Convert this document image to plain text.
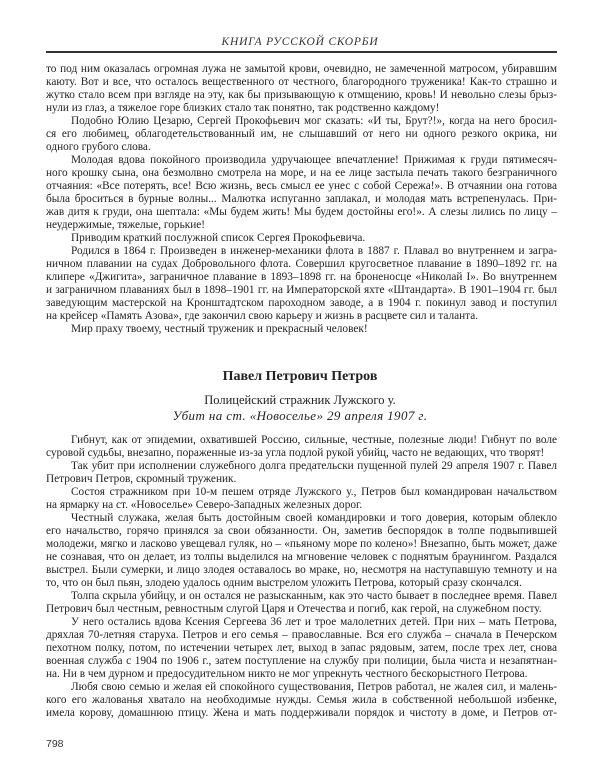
КНИГА РУССКОЙ СКОРБИ
то под ним оказалась огромная лужа не замытой крови, очевидно, не замеченной матросом, убиравшим
каюту. Вот и все, что осталось вещественного от честного, благородного труженика! Как-то страшно и
жутко стало всем при взгляде на эту, как бы призывающую к отмщению, кровь! И невольно слезы брыз-
нули из глаз, а тяжелое горе близких стало так понятно, так родственно каждому!
Подобно Юлию Цезарю, Сергей Прокофьевич мог сказать: «И ты, Брут?!», когда на него бросил-
ся его любимец, облагодетельствованный им, не слышавший от него ни одного резкого окрика, ни
одного грубого слова.
Молодая вдова покойного производила удручающее впечатление! Прижимая к груди пятимесяч-
ного крошку сына, она безмолвно смотрела на море, и на ее лице застыла печать такого безграничного
отчаяния: «Все потерять, все! Всю жизнь, весь смысл ее унес с собой Сережа!». В отчаянии она готова
была броситься в бурные волны... Малютка испуганно заплакал, и молодая мать встрепенулась. При-
жав дитя к груди, она шептала: «Мы будем жить! Мы будем достойны его!». А слезы лились по лицу –
неудержимые, тяжелые, горькие!
Приводим краткий послужной список Сергея Прокофьевича.
Родился в 1864 г. Произведен в инженер-механики флота в 1887 г. Плавал во внутреннем и загра-
ничном плавании на судах Добровольного флота. Совершил кругосветное плавание в 1890–1892 гг. на
клипере «Джигита», заграничное плавание в 1893–1898 гг. на броненосце «Николай I». Во внутреннем
и заграничном плаваниях был в 1898–1901 гг. на Императорской яхте «Штандарта». В 1901–1904 гг. был
заведующим мастерской на Кронштадтском пароходном заводе, а в 1904 г. покинул завод и поступил
на крейсер «Память Азова», где закончил свою карьеру и жизнь в расцвете сил и таланта.
Мир праху твоему, честный труженик и прекрасный человек!
Павел Петрович Петров
Полицейский стражник Лужского у.
Убит на ст. «Новоселье» 29 апреля 1907 г.
Гибнут, как от эпидемии, охватившей Россию, сильные, честные, полезные люди! Гибнут по воле
суровой судьбы, внезапно, пораженные из-за угла подлой рукой убийц, часто не ведающих, что творят!
Так убит при исполнении служебного долга предательски пущенной пулей 29 апреля 1907 г. Павел
Петрович Петров, скромный труженик.
Состоя стражником при 10-м пешем отряде Лужского у., Петров был командирован начальством
на ярмарку на ст. «Новоселье» Северо-Западных железных дорог.
Честный служака, желая быть достойным своей командировки и того доверия, которым облекло
его начальство, горячо принялся за свои обязанности. Он, заметив беспорядок в толпе подвыпившей
молодежи, мягко и ласково увещевал гуляк, но – «пьяному море по колено»! Внезапно, быть может, даже
не сознавая, что он делает, из толпы выделился на мгновение человек с поднятым браунингом. Раздался
выстрел. Были сумерки, и лицо злодея оставалось во мраке, но, несмотря на наступавшую темноту и на
то, что он был пьян, злодею удалось одним выстрелом уложить Петрова, который сразу скончался.
Толпа скрыла убийцу, и он остался не разысканным, как это часто бывает в последнее время. Павел
Петрович был честным, ревностным слугой Царя и Отечества и погиб, как герой, на служебном посту.
У него остались вдова Ксения Сергеева 36 лет и трое малолетних детей. При них – мать Петрова,
дряхлая 70-летняя старуха. Петров и его семья – православные. Вся его служба – сначала в Печерском
пехотном полку, потом, по истечении четырех лет, выход в запас рядовым, затем, после трех лет, снова
военная служба с 1904 по 1906 г., затем поступление на службу при полиции, была чиста и незапятнан-
на. Ни в чем дурном и предосудительном никто не мог упрекнуть честного бескорыстного Петрова.
Любя свою семью и желая ей спокойного существования, Петров работал, не жалея сил, и малень-
кого его жалованья хватало на необходимые нужды. Семья жила в собственной небольшой избенке,
имела корову, домашнюю птицу. Жена и мать поддерживали порядок и чистоту в доме, и Петров от-
798
